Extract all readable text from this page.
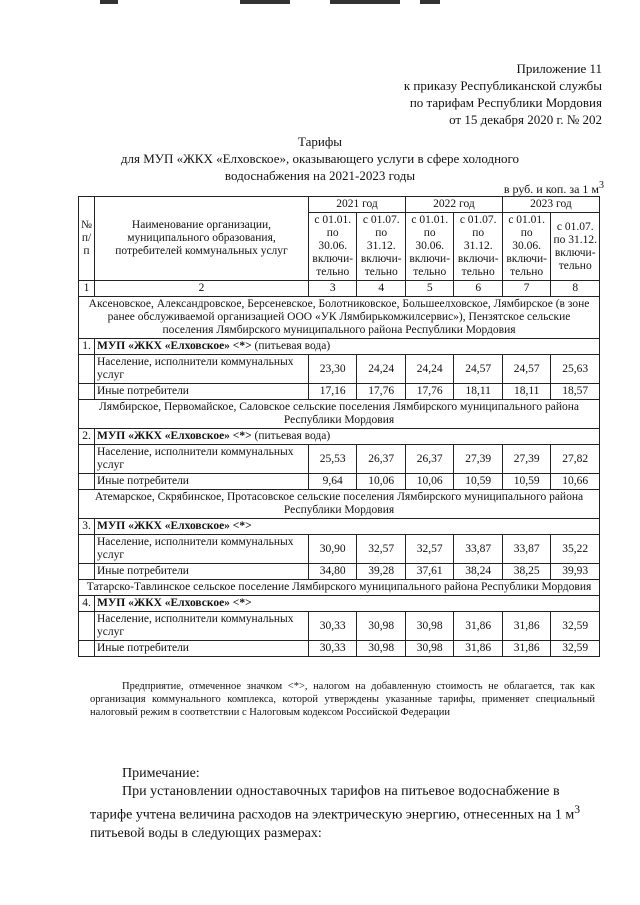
Приложение 11
к приказу Республиканской службы
по тарифам Республики Мордовия
от 15 декабря 2020 г. № 202
Тарифы
для МУП «ЖКХ «Елховское», оказывающего услуги в сфере холодного
водоснабжения на 2021-2023 годы
в руб. и коп. за 1 $м^3$
№ п/п	Наименование организации, муниципального образования, потребителей коммунальных услуг	2021 год		2022 год		2023 год	
		с 01.01. по 30.06. включи-тельно	с 01.07. по 31.12. включи-тельно	с 01.01. по 30.06. включи-тельно	с 01.07. по 31.12. включи-тельно	с 01.01. по 30.06. включи-тельно	с 01.07. по 31.12. включи-тельно
1	2	3	4	5	6	7	8
Аксеновское, Александровское, Берсеневское, Болотниковское, Большеелховское, Лямбирское (в зоне ранее обслуживаемой организацией ООО «УК Лямбирькомжилсервис»), Пензятское сельские поселения Лямбирского муниципального района Республики Мордовия							
1.	МУП «ЖКХ «Елховское» <*> (питьевая вода)						
	Население, исполнители коммунальных услуг	23,30	24,24	24,24	24,57	24,57	25,63
	Иные потребители	17,16	17,76	17,76	18,11	18,11	18,57
Лямбирское, Первомайское, Саловское сельские поселения Лямбирского муниципального района Республики Мордовия							
2.	МУП «ЖКХ «Елховское» <*> (питьевая вода)						
	Население, исполнители коммунальных услуг	25,53	26,37	26,37	27,39	27,39	27,82
	Иные потребители	9,64	10,06	10,06	10,59	10,59	10,66
Атемарское, Скрябинское, Протасовское сельские поселения Лямбирского муниципального района Республики Мордовия							
3.	МУП «ЖКХ «Елховское» <*>						
	Население, исполнители коммунальных услуг	30,90	32,57	32,57	33,87	33,87	35,22
	Иные потребители	34,80	39,28	37,61	38,24	38,25	39,93
Татарско-Тавлинское сельское поселение Лямбирского муниципального района Республики Мордовия							
4.	МУП «ЖКХ «Елховское» <*>						
	Население, исполнители коммунальных услуг	30,33	30,98	30,98	31,86	31,86	32,59
	Иные потребители	30,33	30,98	30,98	31,86	31,86	32,59
Предприятие, отмеченное значком <*>, налогом на добавленную стоимость не облагается, так как организация коммунального комплекса, которой утверждены указанные тарифы, применяет специальный налоговый режим в соответствии с Налоговым кодексом Российской Федерации
Примечание:
При установлении одноставочных тарифов на питьевое водоснабжение в тарифе учтена величина расходов на электрическую энергию, отнесенных на 1 $м^3$ питьевой воды в следующих размерах:
